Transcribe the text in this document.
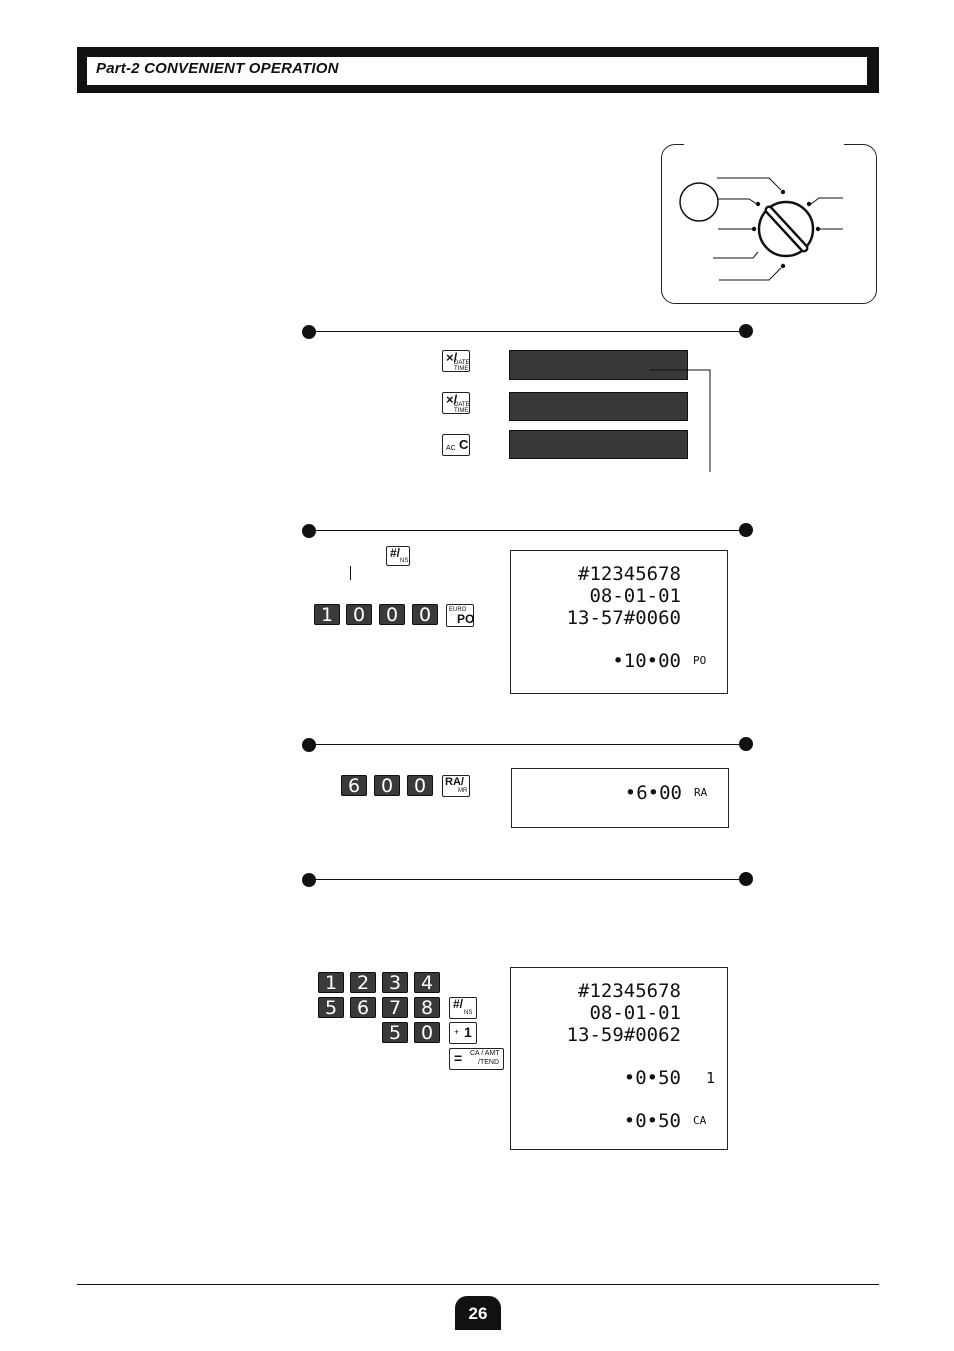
Part-2 CONVENIENT OPERATION
×/
DATE TIME
×/
DATE TIME
AC C
#/
NS
1	0	0	0	EURO
PO
#12345678
08-01-01
13-57#0060
•10•00 PO
6	0	0	RA/
MR	•6•00 RA
1	2	3	4
5	6	7	8	#/
NS
5	0	+ 1
= CA / AMT
/TEND
#12345678
08-01-01
13-59#0062
•0•50 1
•0•50 CA
26
